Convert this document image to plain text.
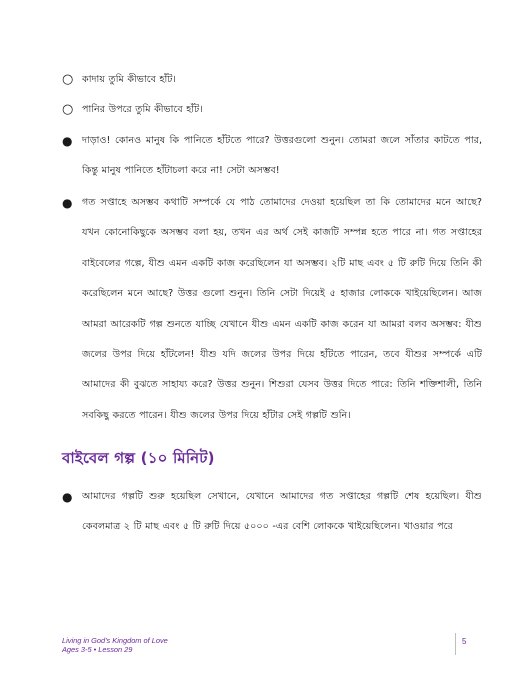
○ কাদায় তুমি কীভাবে হাঁট।
○ পানির উপরে তুমি কীভাবে হাঁট।
● দাড়াও! কোনও মানুষ কি পানিতে হাঁটতে পারে? উত্তরগুলো শুনুন। তোমরা জলে সাঁতার কাটতে পার, কিন্তু মানুষ পানিতে হাঁটাচলা করে না! সেটা অসম্ভব!
● গত সপ্তাহে অসম্ভব কথাটি সম্পর্কে যে পাঠ তোমাদের দেওয়া হয়েছিল তা কি তোমাদের মনে আছে? যখন কোনোকিছুকে অসম্ভব বলা হয়, তখন এর অর্থ সেই কাজটি সম্পন্ন হতে পারে না। গত সপ্তাহের বাইবেলের গল্পে, যীশু এমন একটি কাজ করেছিলেন যা অসম্ভব। ২টি মাছ এবং ৫ টি রুটি দিয়ে তিনি কী করেছিলেন মনে আছে? উত্তর গুলো শুনুন। তিনি সেটা দিয়েই ৫ হাজার লোককে খাইয়েছিলেন। আজ আমরা আরেকটি গল্প শুনতে যাচ্ছি যেখানে যীশু এমন একটি কাজ করেন যা আমরা বলব অসম্ভব: যীশু জলের উপর দিয়ে হাঁটলেন! যীশু যদি জলের উপর দিয়ে হাঁটতে পারেন, তবে যীশুর সম্পর্কে এটি আমাদের কী বুঝতে সাহায্য করে? উত্তর শুনুন। শিশুরা যেসব উত্তর দিতে পারে: তিনি শক্তিশালী, তিনি সবকিছু করতে পারেন। যীশু জলের উপর দিয়ে হাঁটার সেই গল্পটি শুনি।
বাইবেল গল্প (১০ মিনিট)
● আমাদের গল্পটি শুরু হয়েছিল সেখানে, যেখানে আমাদের গত সপ্তাহের গল্পটি শেষ হয়েছিল। যীশু কেবলমাত্র ২ টি মাছ এবং ৫ টি রুটি দিয়ে ৫০০০ -এর বেশি লোককে খাইয়েছিলেন। খাওয়ার পরে
Living in God's Kingdom of Love
Ages 3-5 • Lesson 29
5
